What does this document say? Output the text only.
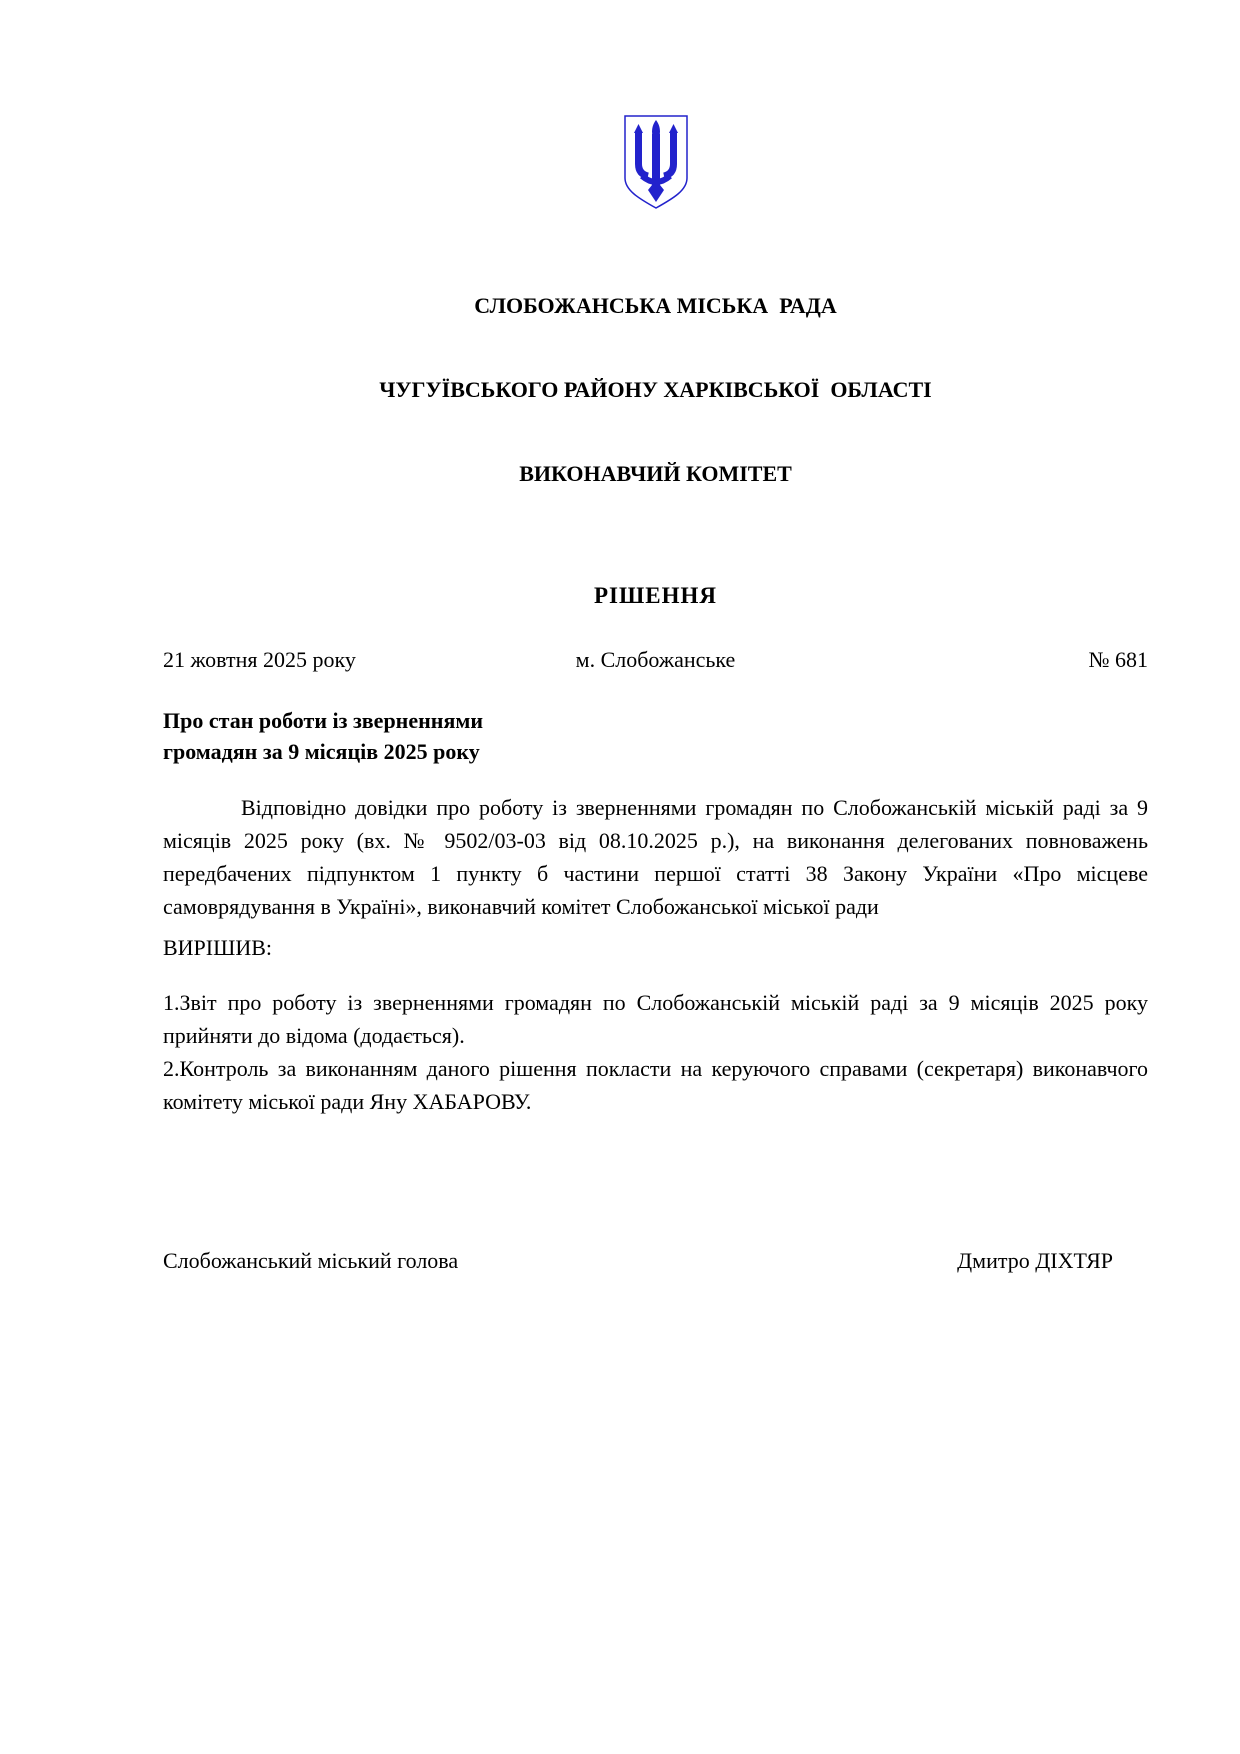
СЛОБОЖАНСЬКА МІСЬКА  РАДА

ЧУГУЇВСЬКОГО РАЙОНУ ХАРКІВСЬКОЇ  ОБЛАСТІ

ВИКОНАВЧИЙ КОМІТЕТ

РІШЕННЯ
21 жовтня 2025 року	м. Слобожанське	№ 681

Про стан роботи із зверненнями

громадян за 9 місяців 2025 року

Відповідно довідки про роботу із зверненнями громадян по Слобожанській міській раді за 9 місяців 2025 року (вх. № 9502/03-03 від 08.10.2025 р.), на виконання делегованих повноважень передбачених підпунктом 1 пункту б частини першої статті 38 Закону України «Про місцеве самоврядування в Україні», виконавчий комітет Слобожанської міської ради

ВИРІШИВ:

1.Звіт про роботу із зверненнями громадян по Слобожанській міській раді за 9 місяців 2025 року прийняти до відома (додається).

2.Контроль за виконанням даного рішення покласти на керуючого справами (секретаря) виконавчого комітету міської ради Яну ХАБАРОВУ.

Слобожанський міський голова	Дмитро ДІХТЯР
